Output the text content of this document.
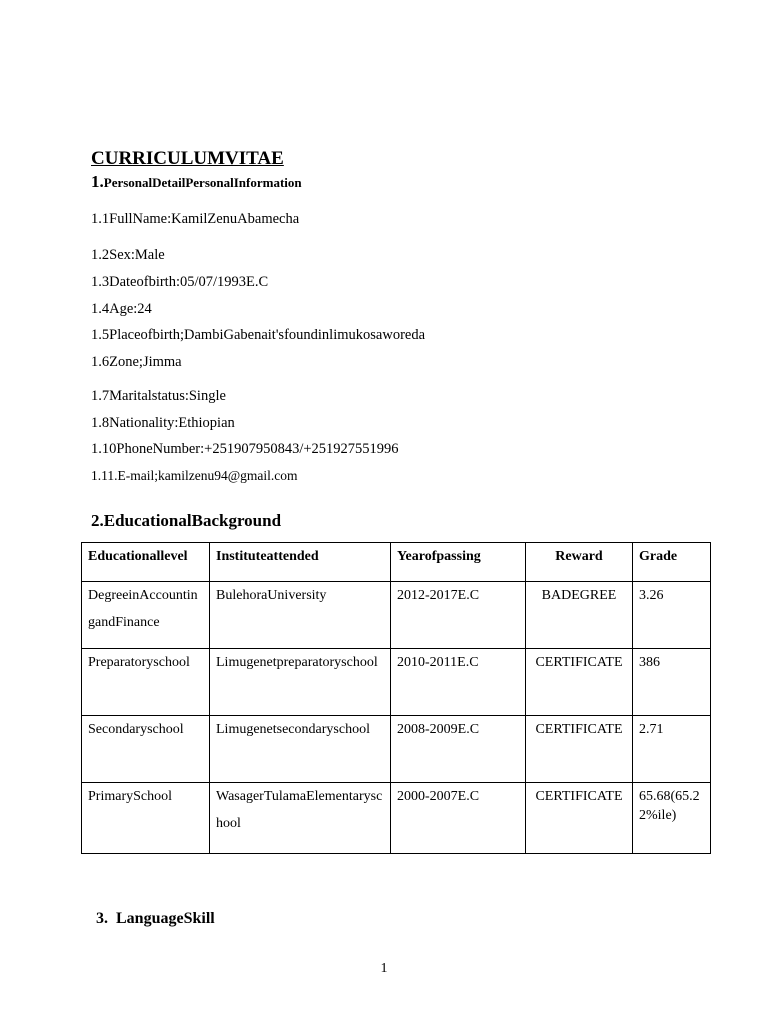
CURRICULUMVITAE
1.PersonalDetailPersonalInformation
1.1FullName:KamilZenuAbamecha
1.2Sex:Male
1.3Dateofbirth:05/07/1993E.C
1.4Age:24
1.5Placeofbirth;DambiGabenait'sfoundinlimukosaworeda
1.6Zone;Jimma
1.7Maritalstatus:Single
1.8Nationality:Ethiopian
1.10PhoneNumber:+251907950843/+251927551996
1.11.E-mail;kamilzenu94@gmail.com
2.EducationalBackground
Educationallevel	Instituteattended	Yearofpassing	Reward	Grade
DegreeinAccountingandFinance	BulehoraUniversity	2012-2017E.C	BADEGREE	3.26
Preparatoryschool	Limugenetpreparatoryschool	2010-2011E.C	CERTIFICATE	386
Secondaryschool	Limugenetsecondaryschool	2008-2009E.C	CERTIFICATE	2.71
PrimarySchool	WasagerTulamaElementaryschool	2000-2007E.C	CERTIFICATE	65.68(65.22%ile)
3.  LanguageSkill
1
